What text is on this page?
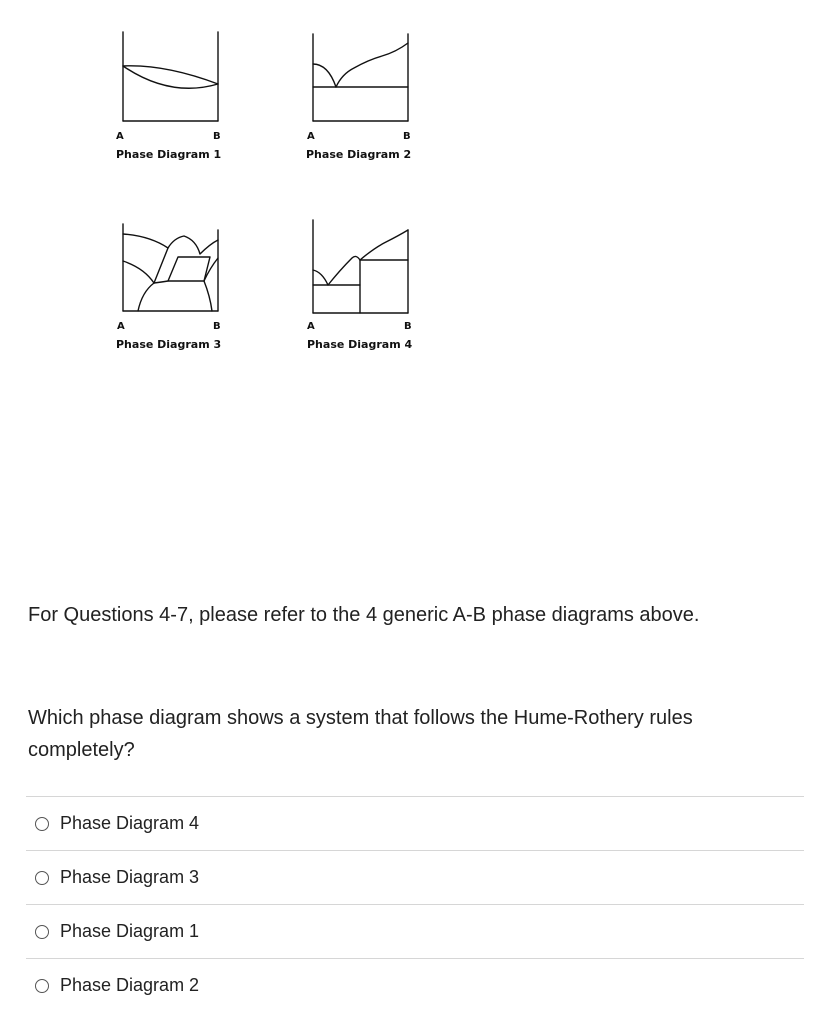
A	B
Phase Diagram 1
A	B
Phase Diagram 2
A	B
Phase Diagram 3
A	B
Phase Diagram 4

For Questions 4-7, please refer to the 4 generic A-B phase diagrams above.

Which phase diagram shows a system that follows the Hume-Rothery rules completely?

Phase Diagram 4
Phase Diagram 3
Phase Diagram 1
Phase Diagram 2
